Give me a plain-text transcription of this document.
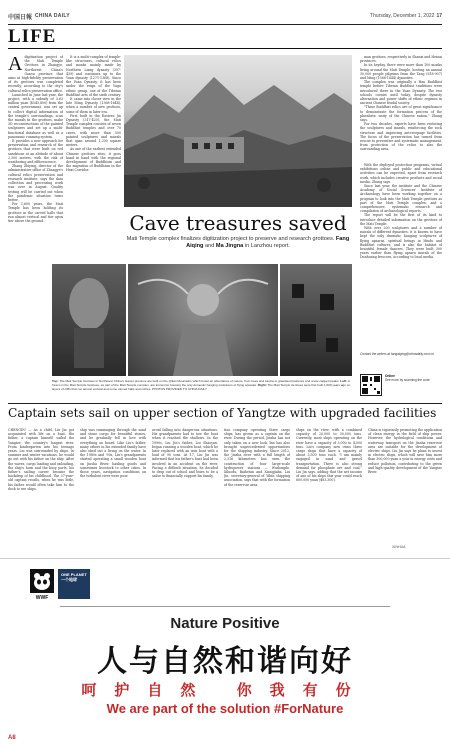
中国日報 CHINA DAILY	Thursday, December 1, 2022 17
LIFE
A digitization project of the Mati Temple Grottoes in Zhangye, Northwest China's Gansu province that aims at high-fidelity preservation of its grottoes was completed recently, according to the city's cultural relics preservation office.

Launched in June last year, the project, with a subsidy of 3.63 million yuan ($545,800) from the central government, was set up to collect digital information of the temple's surroundings, scan the murals in the grottoes, make 3D reconstructions of the painted sculptures and set up a multi-functional database as well as a panoramic roaming system.

It provides a new approach for preservation and research of the grottoes that were built on red sandstone at an altitude of about 2,300 meters, with the risk of weathering and efflorescence.

Zhang Zhiying, director of the administrative office of Zhangye's cultural relics preservation and research institute, says the data collection and processing work was over in August. Quality testing will be carried out when the pandemic situation turns better.

For 1,600 years, the Mati Temple has been holding its grottoes in the carved halls that run almost vertical and tier upon tier above the ground.	Cave treasures saved
Mati Temple complex finalizes digitization project to preserve and research grottoes. Fang Aiqing and Ma Jingna in Lanzhou report.

It is a multi-complex of temple-like structures, cultural relics and monks mainly made by Northern Liang dynasty (397-439) and continues up to the Yuan dynasty (1271-1368). Since the Yuan Dynasty, it has been under the reign of the Yugu ethnic group, one of the Tibetan Buddhist arts of the sixth century.

It came into closer view in the late Ming Dynasty (1368-1644), when a number of new grottoes, some of them in later era.

First built in the Eastern Jin Dynasty (317-420), the Mati Temple complex consists of seven Buddhist temples and over 70 caves, with more than 500 painted sculptures and murals that span around 1,200 square meters.

As one of the earliest extended Chinese grottoes sites, it goes hand in hand with the regional development of Buddhism and the migration of Buddhism in the Hexi Corridor.

Top: The Mati Temple Grottoes in Northwest China's Gansu province are built on the Qilian Mountains which boast an abundance of nature, from trees and tundra to grassland pastures and snow-capped peaks. Left: A fresco in the Mati Temple Grottoes, as part of the Mati Temple complex, are known for housing the only domestic hanging sculptures of flying apsaras. Right: The Mati Temple Grottoes were first built 1,600 years ago on layers of cliffs that run almost vertical and some carved halls and niches. PHOTOS PROVIDED TO CHINA DAILY

man grottoes, respectively in Shanxi and Henan provinces.

In its heyday, there were more than 100 monks living around the Mati Temple, hosting an annual 30,000 people pilgrims from the Tang (618-907) and Ming (1368-1644) dynasties.

The complex was originally a Han Buddhist temple before Tibetan Buddhist traditions were introduced there in the Yuan Dynasty. The two schools coexist until today, despite dynasty alternation and power shifts of ethnic regimes in ancient Chinese feudal society.

"These Buddhist relics are of great significance to demonstrate the formation process of the pluralistic unity of the Chinese nation," Zhang says.

For two decades, experts have been restoring the sculptures and murals, reinforcing the rock structure and improving anti-seepage facilities. The focus of the preservation has turned from rescue to preventive and systematic management, from protection of the relics to also the surrounding area.

With the deployed protection programs, virtual exhibitions online and public and educational activities can be expected, apart from research work, which includes creative products and social media, Zhang says.

Since last year, the institute and the Chinese Academy of Social Sciences' Institute of Archaeology have been working together on a program to look into the Mati Temple grottoes as part of the Mati Temple complex, and a comprehensive, systematic research and compilation of archaeological reports.

The report will be the first of its kind to introduce detailed information on the grottoes of the Mati Temple.

With over 200 sculptures and a number of murals of different dynasties, it is known to have kept the only dramatic hanging sculptures of flying apsaras, spiritual beings in Hindu and Buddhist cultures, and is also the habitat of beautiful female dancers. They were built 300 years earlier than flying apsara murals of the Dunhuang frescoes, according to local media.

Contact the writers at fangaiqing@chinadaily.com.cn
Online
See more by scanning the code
Captain sets sail on upper section of Yangtze with upgraded facilities
CHENGDU — As a child, Liu Jin got acquainted with life on a boat. His father, a captain himself, sailed the Yangtze, the country's longest river. From kindergarten into his teenage years, Liu was surrounded by ships. In summer and winter vacations, he would go out with his father on the ship. After the waves, cargo loading and unloading, the ship's horn and the busy ports, his father's sailing career became the backdrop of his childhood. The 37-year-old captain recalls, when he was little, his father would often take him to the dock to see ships.
ship was rummaging through the sand and stone cargo for beautiful stones, and he gradually fell in love with everything on board. Like Liu's father, many others in his extended family have also eked out a living on the water. In the 1980s and '90s, Liu's grandparents started operating a small wooden boat on Jinsha River, hauling goods and sometimes livestock to other cities. In those years, navigation conditions on the turbulent river were poor.
avoid falling into dangerous situations. His grandparents had to tow the boat when it reached the shallows. In the 1990s, Liu Jin's father, Liu Shaoyan, began running a wooden boat, which he later replaced with an iron boat with a load of 90 tons. At 17, Liu Jin was informed that his father's boat had been involved in an accident on the river. Facing a difficult situation, he decided to drop out of school and learn to be a sailor to financially support his family.
tion company operating three cargo ships, has grown as a captain on the river. During the period, Jinsha has not only taken on a new look, but has also brought unprecedented opportunities for the shipping industry. Since 2012, the Jinsha river with a full length of 2,316 kilometers has seen the construction of four large-scale hydropower stations — Wudongde, Xiluodu, Baihetan and Xiangjiaba. Liu Jin, secretary-general of Yibin shipping association, says that with the formation of the reservoir area.
ships on the river, with a combined capacity of 20,000 to 30,000 tons. Currently, most ships operating on the river have a capacity of 3,000 to 4,000 tons. Liu's company now owns three cargo ships that have a capacity of about 3,500 tons each. "I am mainly engaged in sand and gravel transportation. There is also strong demand for phosphate ore and coal," Liu Jin says, adding that the net income of one of his ships this year could reach 600,000 yuan ($83,300).
China is vigorously promoting the application of clean energy in the field of ship power. However, the hydrological conditions and waterway transport on the Jinsha reservoir area are suitable for the development of electric ships. Liu Jin says he plans to invest in electric ships, which will save him more than 300,000 yuan a year in energy costs and reduce pollution, contributing to the green and high-quality development of the Yangtze River.
XINHUA
WWF
ONE PLANET 一个地球
Nature Positive
人与自然和谐向好
呵护自然 你我有份
We are part of the solution #ForNature
A8
